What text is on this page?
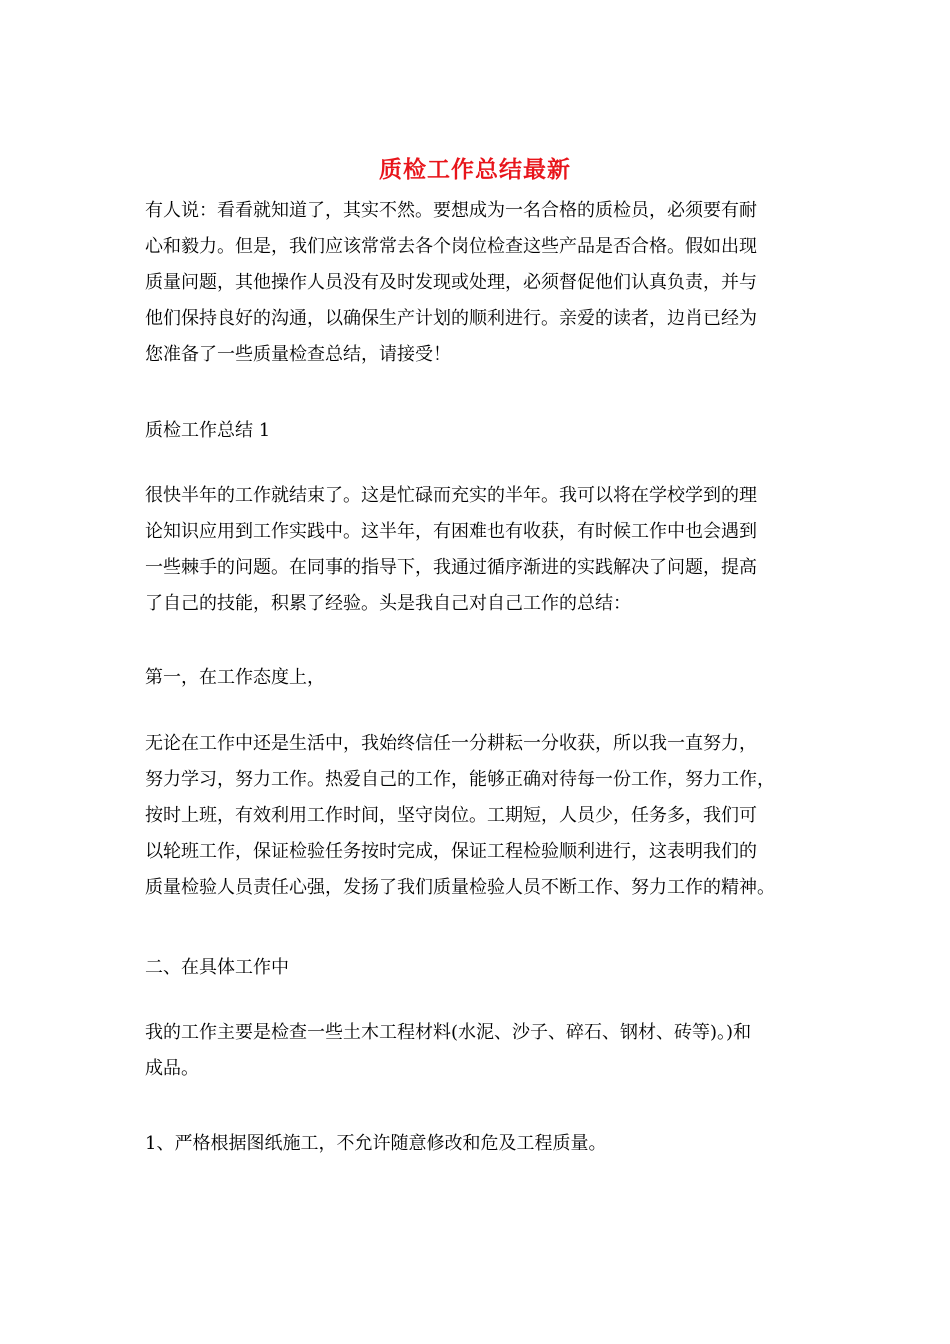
质检工作总结最新
有人说：看看就知道了，其实不然。要想成为一名合格的质检员，必须要有耐
心和毅力。但是，我们应该常常去各个岗位检查这些产品是否合格。假如出现
质量问题，其他操作人员没有及时发现或处理，必须督促他们认真负责，并与
他们保持良好的沟通，以确保生产计划的顺利进行。亲爱的读者，边肖已经为
您准备了一些质量检查总结，请接受！
质检工作总结 1
很快半年的工作就结束了。这是忙碌而充实的半年。我可以将在学校学到的理
论知识应用到工作实践中。这半年，有困难也有收获，有时候工作中也会遇到
一些棘手的问题。在同事的指导下，我通过循序渐进的实践解决了问题，提高
了自己的技能，积累了经验。头是我自己对自己工作的总结：
第一，在工作态度上，
无论在工作中还是生活中，我始终信任一分耕耘一分收获，所以我一直努力，
努力学习，努力工作。热爱自己的工作，能够正确对待每一份工作，努力工作，
按时上班，有效利用工作时间，坚守岗位。工期短，人员少，任务多，我们可
以轮班工作，保证检验任务按时完成，保证工程检验顺利进行，这表明我们的
质量检验人员责任心强，发扬了我们质量检验人员不断工作、努力工作的精神。
二、在具体工作中
我的工作主要是检查一些土木工程材料(水泥、沙子、碎石、钢材、砖等)。)和
成品。
1、严格根据图纸施工，不允许随意修改和危及工程质量。
